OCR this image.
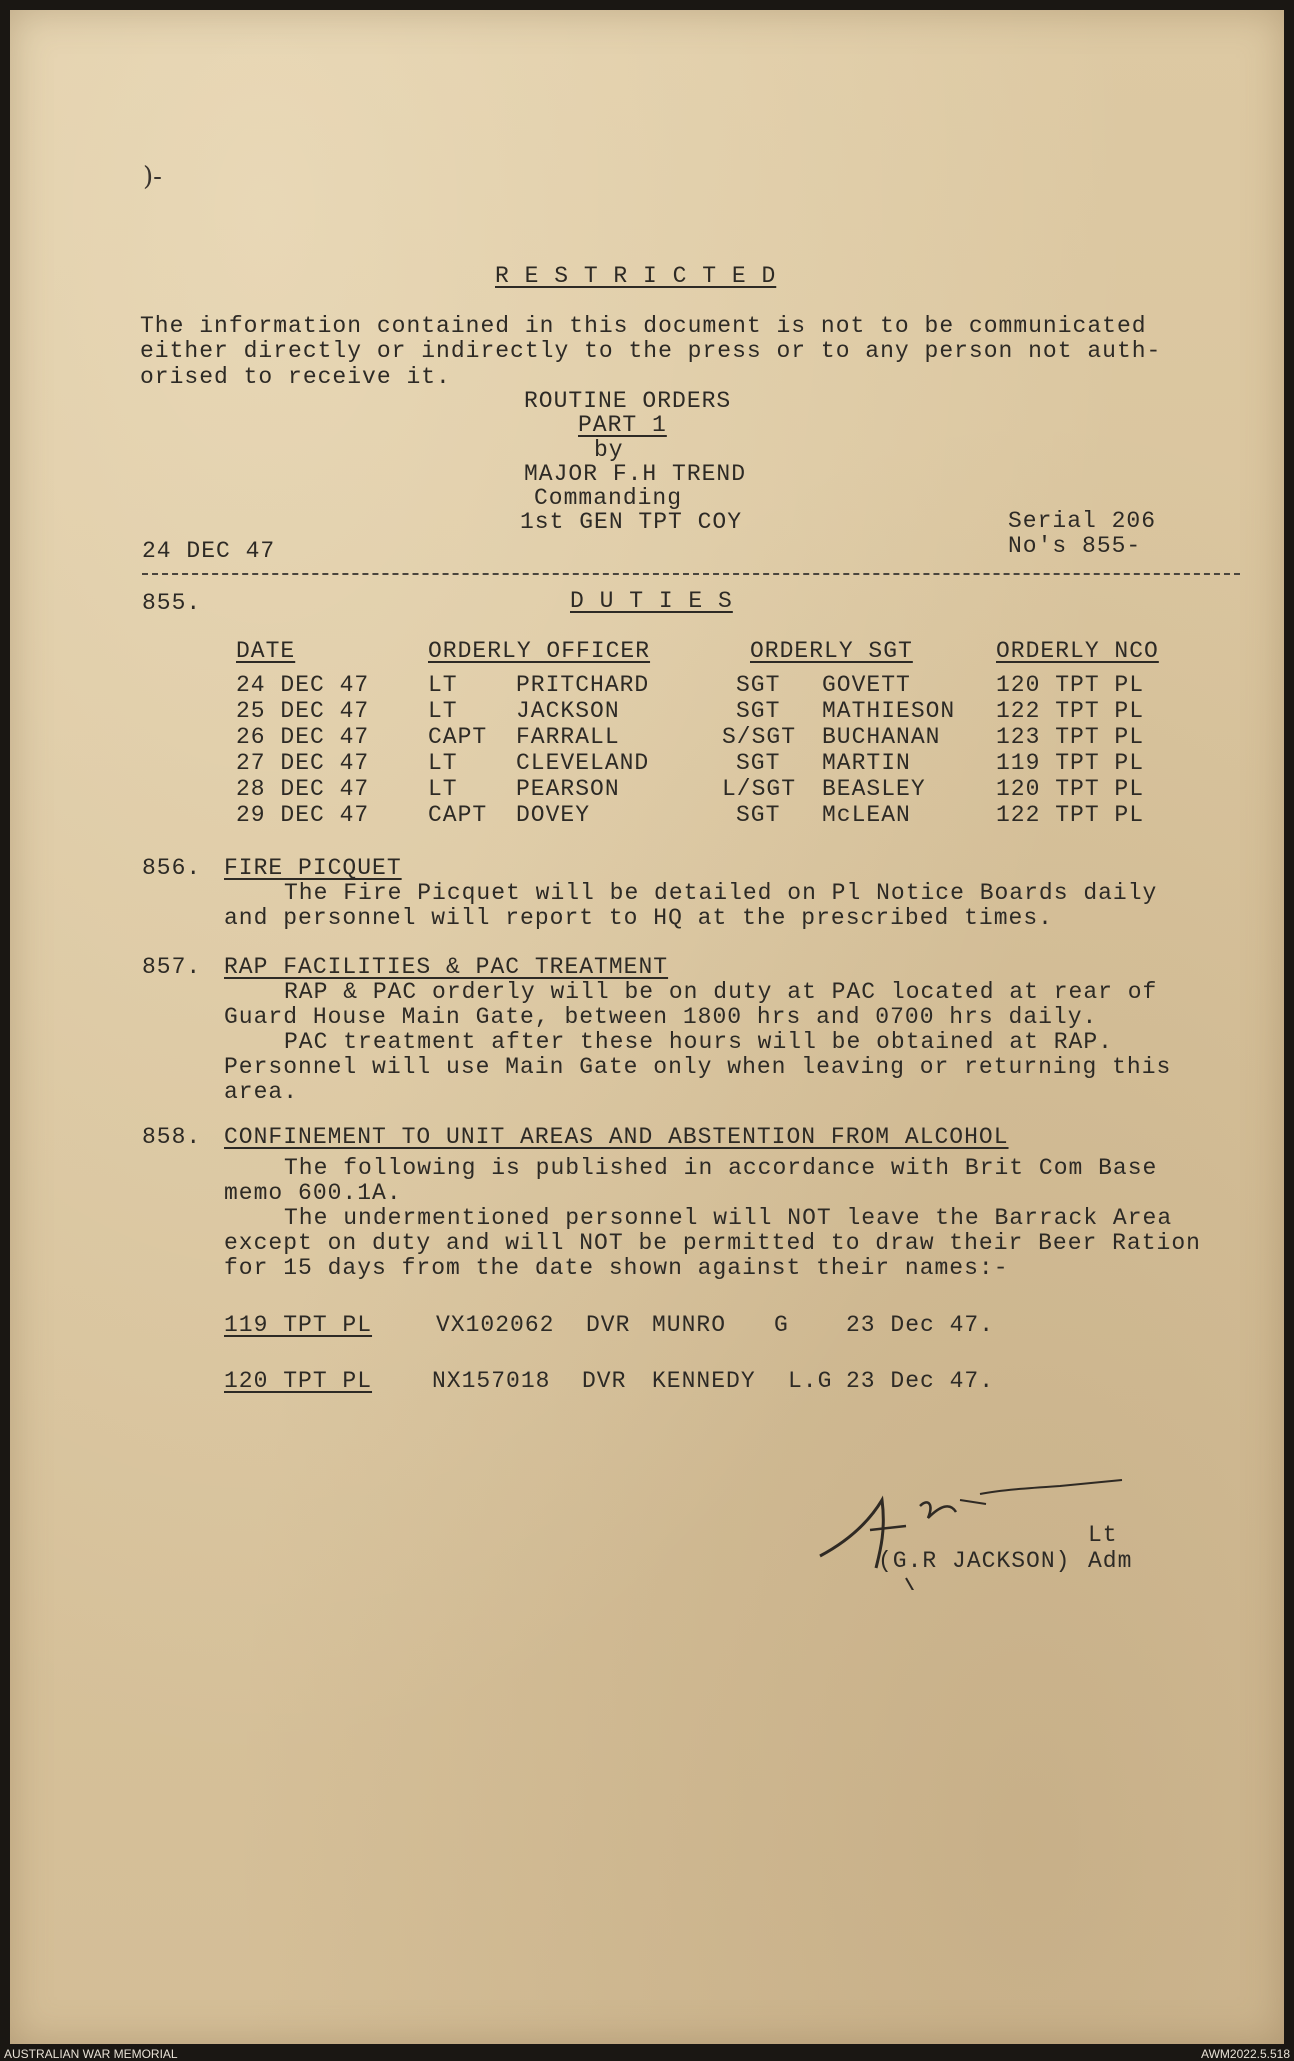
)-
R E S T R I C T E D
The information contained in this document is not to be communicated
either directly or indirectly to the press or to any person not auth-
orised to receive it.
ROUTINE ORDERS
PART 1
by
MAJOR F.H TREND
Commanding
1st GEN TPT COY	Serial 206
24 DEC 47	No's 855-
855.	D U T I E S
DATE	ORDERLY OFFICER	ORDERLY SGT	ORDERLY NCO
24 DEC 47	LT	PRITCHARD	SGT GOVETT	120 TPT PL
25 DEC 47	LT	JACKSON	SGT MATHIESON 122 TPT PL
26 DEC 47	CAPT FARRALL	S/SGT BUCHANAN 123 TPT PL
27 DEC 47	LT	CLEVELAND	SGT MARTIN	119 TPT PL
28 DEC 47	LT	PEARSON	L/SGT BEASLEY	120 TPT PL
29 DEC 47	CAPT DOVEY	SGT McLEAN	122 TPT PL
856. FIRE PICQUET
The Fire Picquet will be detailed on Pl Notice Boards daily
and personnel will report to HQ at the prescribed times.
857. RAP FACILITIES & PAC TREATMENT
RAP & PAC orderly will be on duty at PAC located at rear of
Guard House Main Gate, between 1800 hrs and 0700 hrs daily.
PAC treatment after these hours will be obtained at RAP.
Personnel will use Main Gate only when leaving or returning this
area.
858. CONFINEMENT TO UNIT AREAS AND ABSTENTION FROM ALCOHOL
The following is published in accordance with Brit Com Base
memo 600.1A.
The undermentioned personnel will NOT leave the Barrack Area
except on duty and will NOT be permitted to draw their Beer Ration
for 15 days from the date shown against their names:-
119 TPT PL	VX102062 DVR MUNRO G 23 Dec 47.
120 TPT PL	NX157018 DVR KENNEDY L.G 23 Dec 47.
Lt
(G.R JACKSON) Adm
AUSTRALIAN WAR MEMORIAL	AWM2022.5.518
